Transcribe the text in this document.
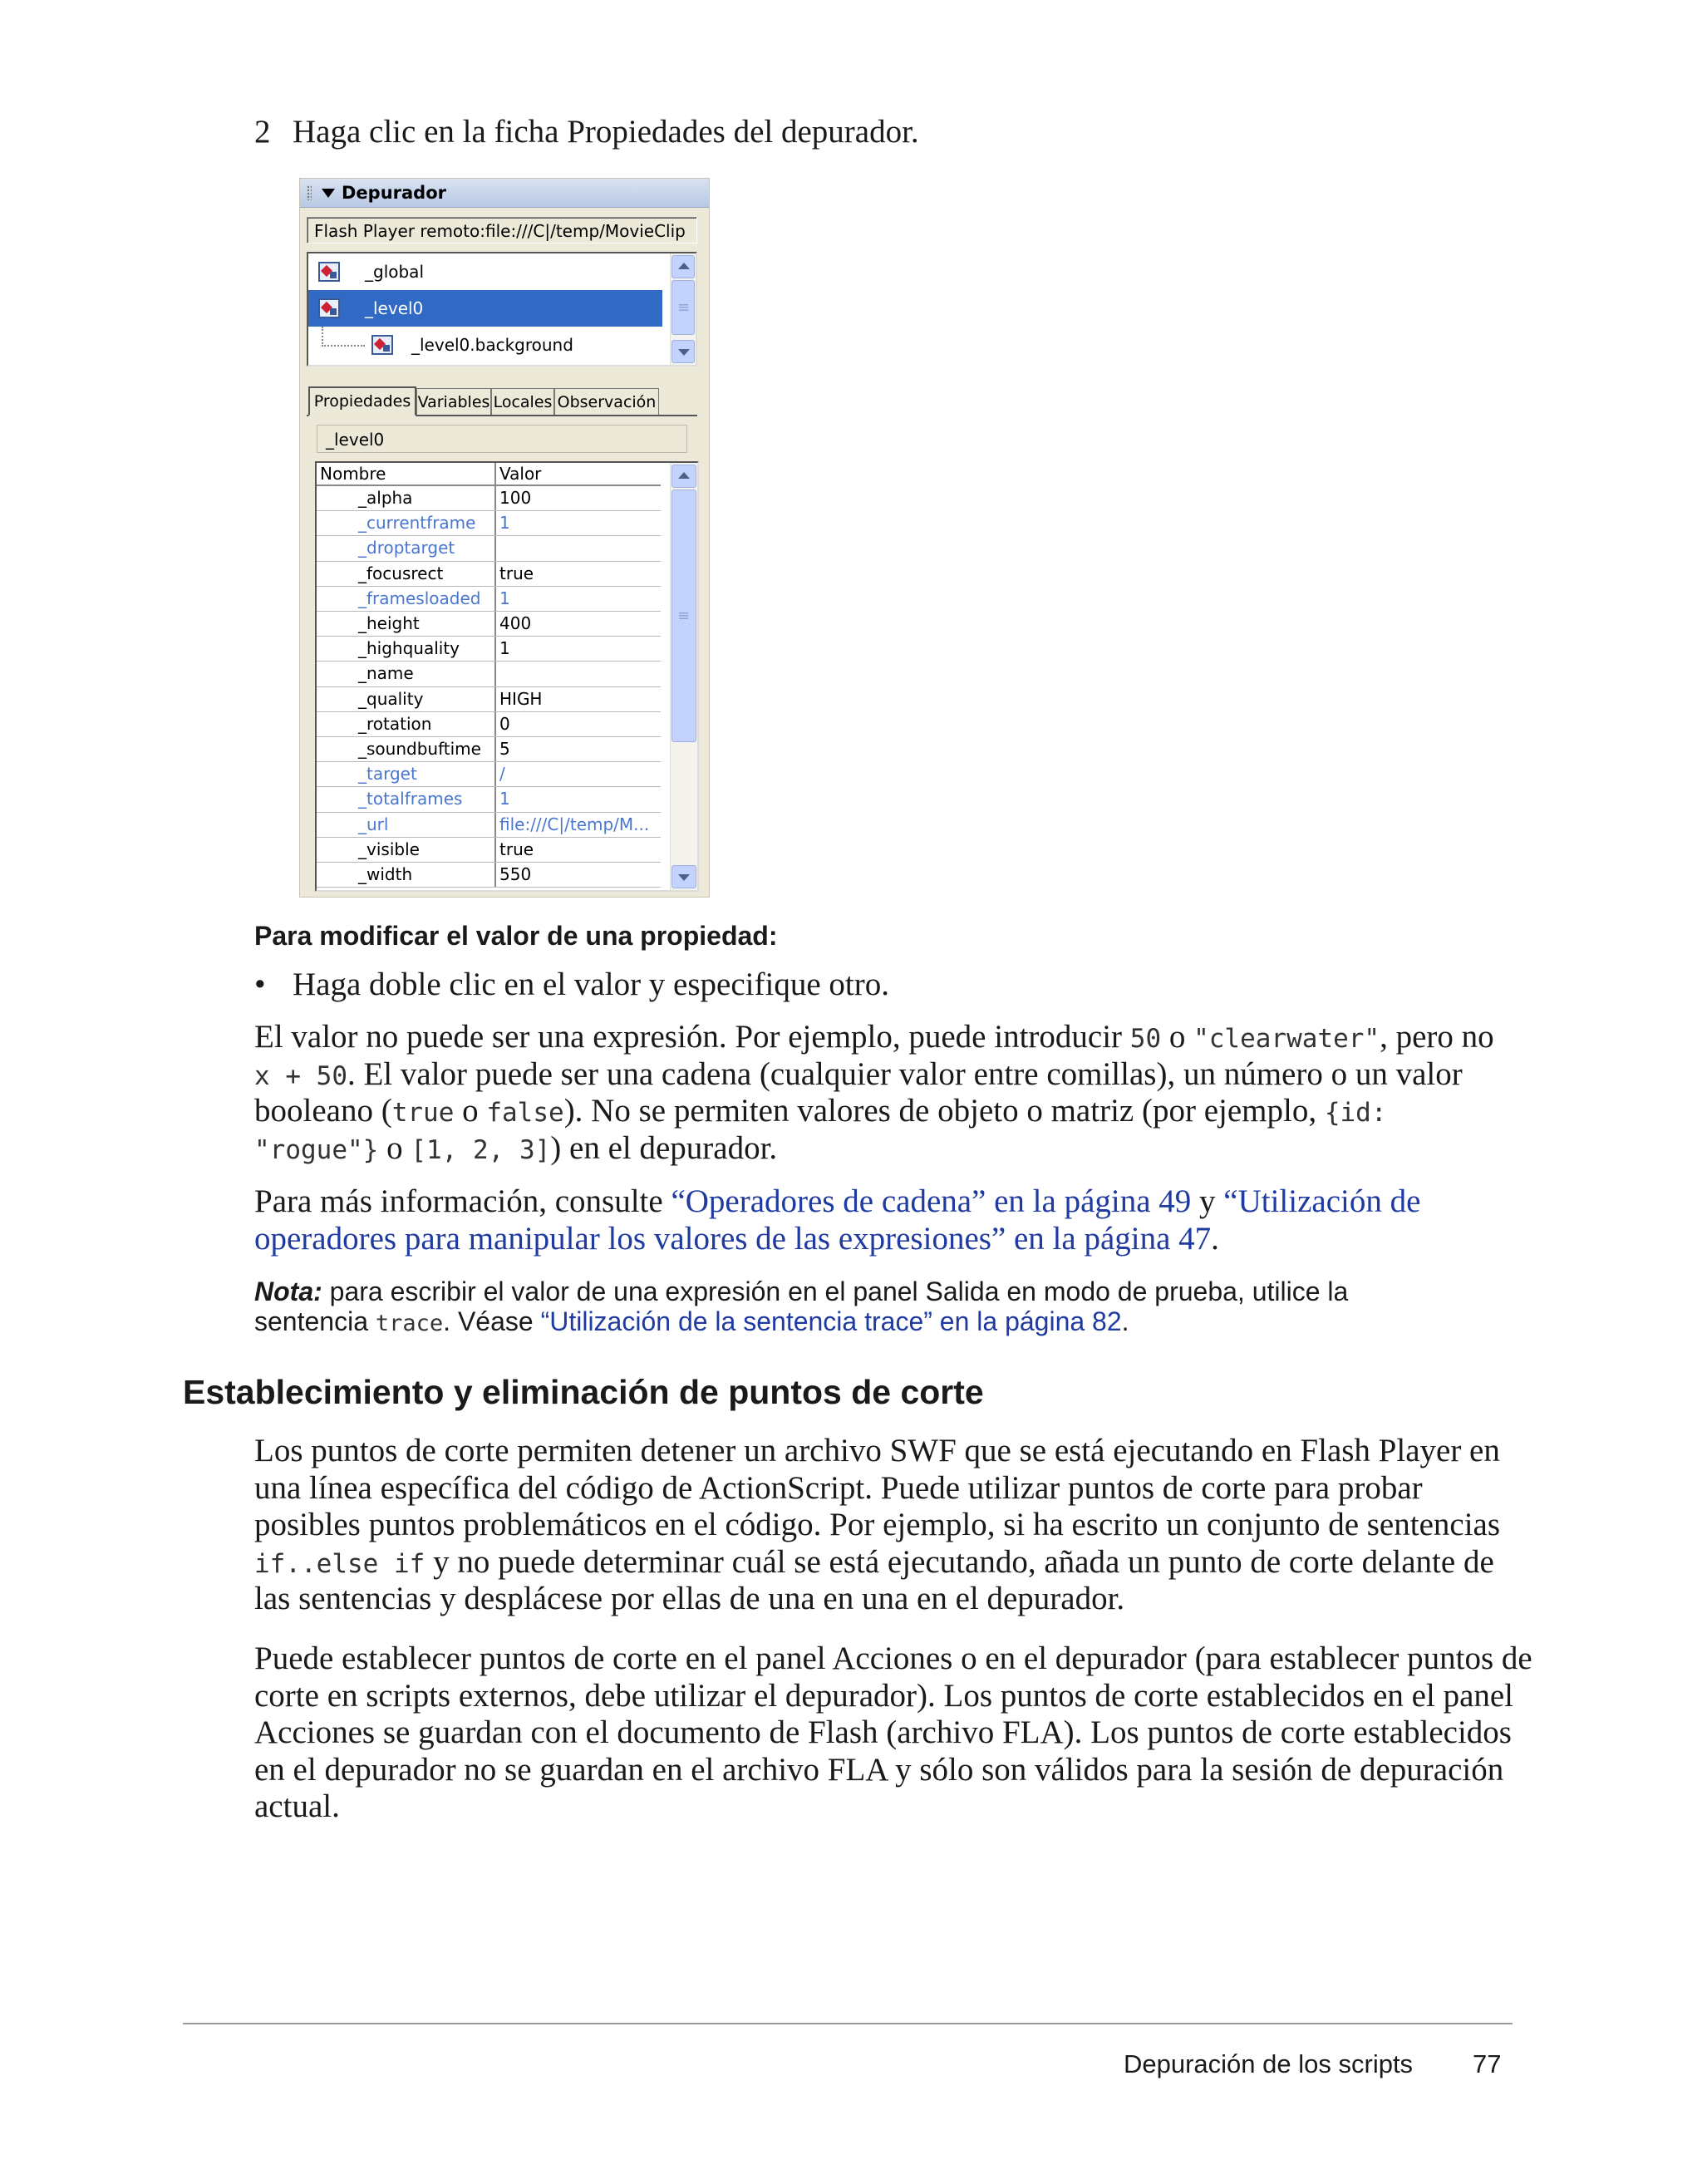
2 Haga clic en la ficha Propiedades del depurador.
Depurador
Flash Player remoto:file:///C|/temp/MovieClip
_global
_level0
_level0.background
≡
Propiedades Variables Locales Observación
_level0
Nombre	Valor
_alpha	100
_currentframe 1
_droptarget
_focusrect	true
_framesloaded 1
_height	400
_highquality 1
_name
_quality	HIGH
_rotation	0
_soundbuftime 5
_target	/
_totalframes 1
_url	file:///C|/temp/M...
_visible	true
_width	550
≡
Para modificar el valor de una propiedad:
• Haga doble clic en el valor y especifique otro.
El valor no puede ser una expresión. Por ejemplo, puede introducir 50 o "clearwater", pero no
x + 50. El valor puede ser una cadena (cualquier valor entre comillas), un número o un valor
booleano (true o false). No se permiten valores de objeto o matriz (por ejemplo, {id:
"rogue"} o [1, 2, 3]) en el depurador.
Para más información, consulte “Operadores de cadena” en la página 49 y “Utilización de
operadores para manipular los valores de las expresiones” en la página 47.
Nota: para escribir el valor de una expresión en el panel Salida en modo de prueba, utilice la
sentencia trace. Véase “Utilización de la sentencia trace” en la página 82.
Establecimiento y eliminación de puntos de corte
Los puntos de corte permiten detener un archivo SWF que se está ejecutando en Flash Player en
una línea específica del código de ActionScript. Puede utilizar puntos de corte para probar
posibles puntos problemáticos en el código. Por ejemplo, si ha escrito un conjunto de sentencias
if..else if y no puede determinar cuál se está ejecutando, añada un punto de corte delante de
las sentencias y desplácese por ellas de una en una en el depurador.
Puede establecer puntos de corte en el panel Acciones o en el depurador (para establecer puntos de
corte en scripts externos, debe utilizar el depurador). Los puntos de corte establecidos en el panel
Acciones se guardan con el documento de Flash (archivo FLA). Los puntos de corte establecidos
en el depurador no se guardan en el archivo FLA y sólo son válidos para la sesión de depuración
actual.
Depuración de los scripts 77
